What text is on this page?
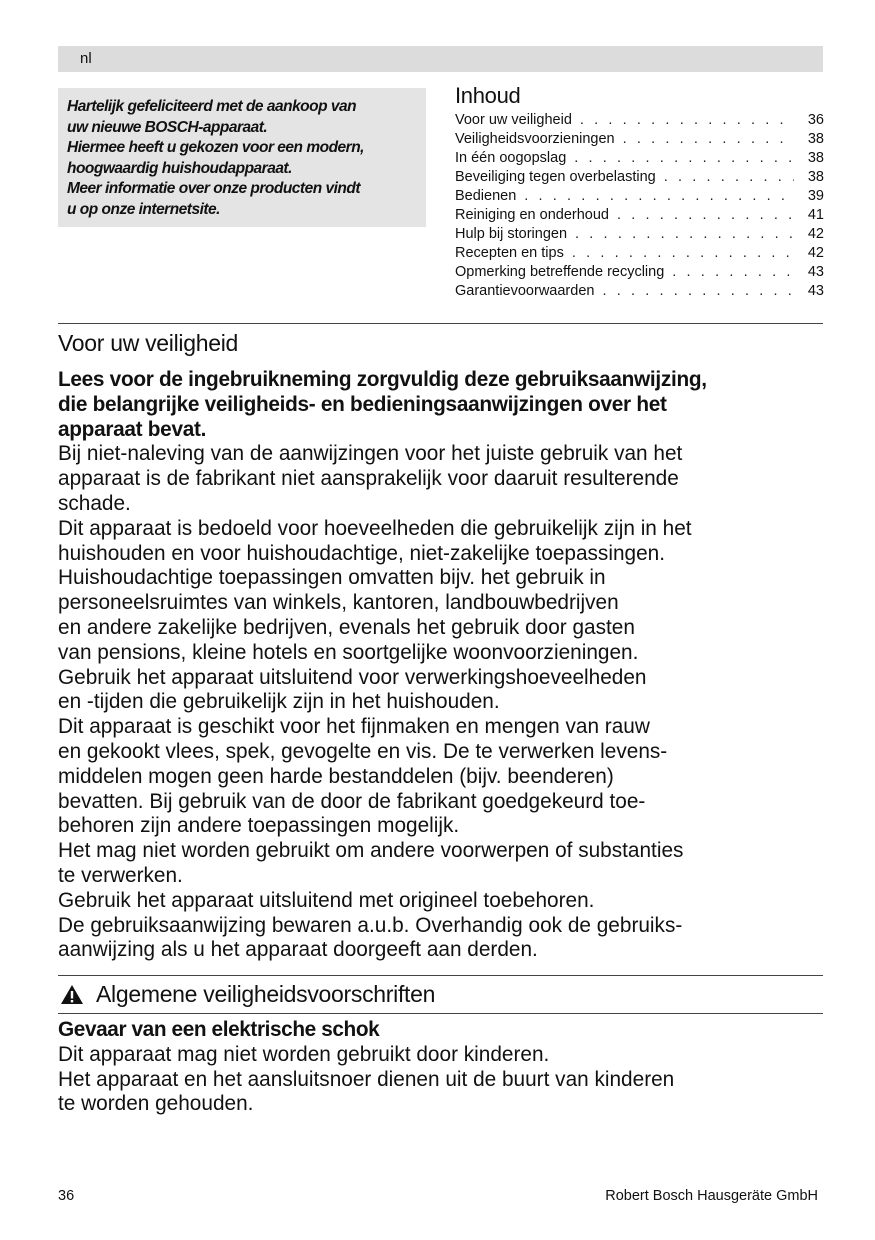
nl

Hartelijk gefeliciteerd met de aankoop van

uw nieuwe BOSCH-apparaat.

Hiermee heeft u gekozen voor een modern,

hoogwaardig huishoudapparaat.

Meer informatie over onze producten vindt

u op onze internetsite.

Inhoud
Voor uw veiligheid . . .	36
Veiligheidsvoorzieningen . . .	38
In één oogopslag . . .	38
Beveiliging tegen overbelasting . . .	38
Bedienen . . .	39
Reiniging en onderhoud . . .	41
Hulp bij storingen . . .	42
Recepten en tips . . .	42
Opmerking betreffende recycling . . .	43
Garantievoorwaarden . . .	43
Voor uw veiligheid

Lees voor de ingebruikneming zorgvuldig deze gebruiksaanwijzing,

die belangrijke veiligheids- en bedieningsaanwijzingen over het

apparaat bevat.

Bij niet-naleving van de aanwijzingen voor het juiste gebruik van het

apparaat is de fabrikant niet aansprakelijk voor daaruit resulterende

schade.

Dit apparaat is bedoeld voor hoeveelheden die gebruikelijk zijn in het

huishouden en voor huishoudachtige, niet-zakelijke toepassingen.

Huishoudachtige toepassingen omvatten bijv. het gebruik in

personeelsruimtes van winkels, kantoren, landbouwbedrijven

en andere zakelijke bedrijven, evenals het gebruik door gasten

van pensions, kleine hotels en soortgelijke woonvoorzieningen.

Gebruik het apparaat uitsluitend voor verwerkingshoeveelheden

en -tijden die gebruikelijk zijn in het huishouden.

Dit apparaat is geschikt voor het fijnmaken en mengen van rauw

en gekookt vlees, spek, gevogelte en vis. De te verwerken levens-

middelen mogen geen harde bestanddelen (bijv. beenderen)

bevatten. Bij gebruik van de door de fabrikant goedgekeurd toe-

behoren zijn andere toepassingen mogelijk.

Het mag niet worden gebruikt om andere voorwerpen of substanties

te verwerken.

Gebruik het apparaat uitsluitend met origineel toebehoren.

De gebruiksaanwijzing bewaren a.u.b. Overhandig ook de gebruiks-

aanwijzing als u het apparaat doorgeeft aan derden.

Algemene veiligheidsvoorschriften

Gevaar van een elektrische schok

Dit apparaat mag niet worden gebruikt door kinderen.

Het apparaat en het aansluitsnoer dienen uit de buurt van kinderen

te worden gehouden.

36	Robert Bosch Hausgeräte GmbH
